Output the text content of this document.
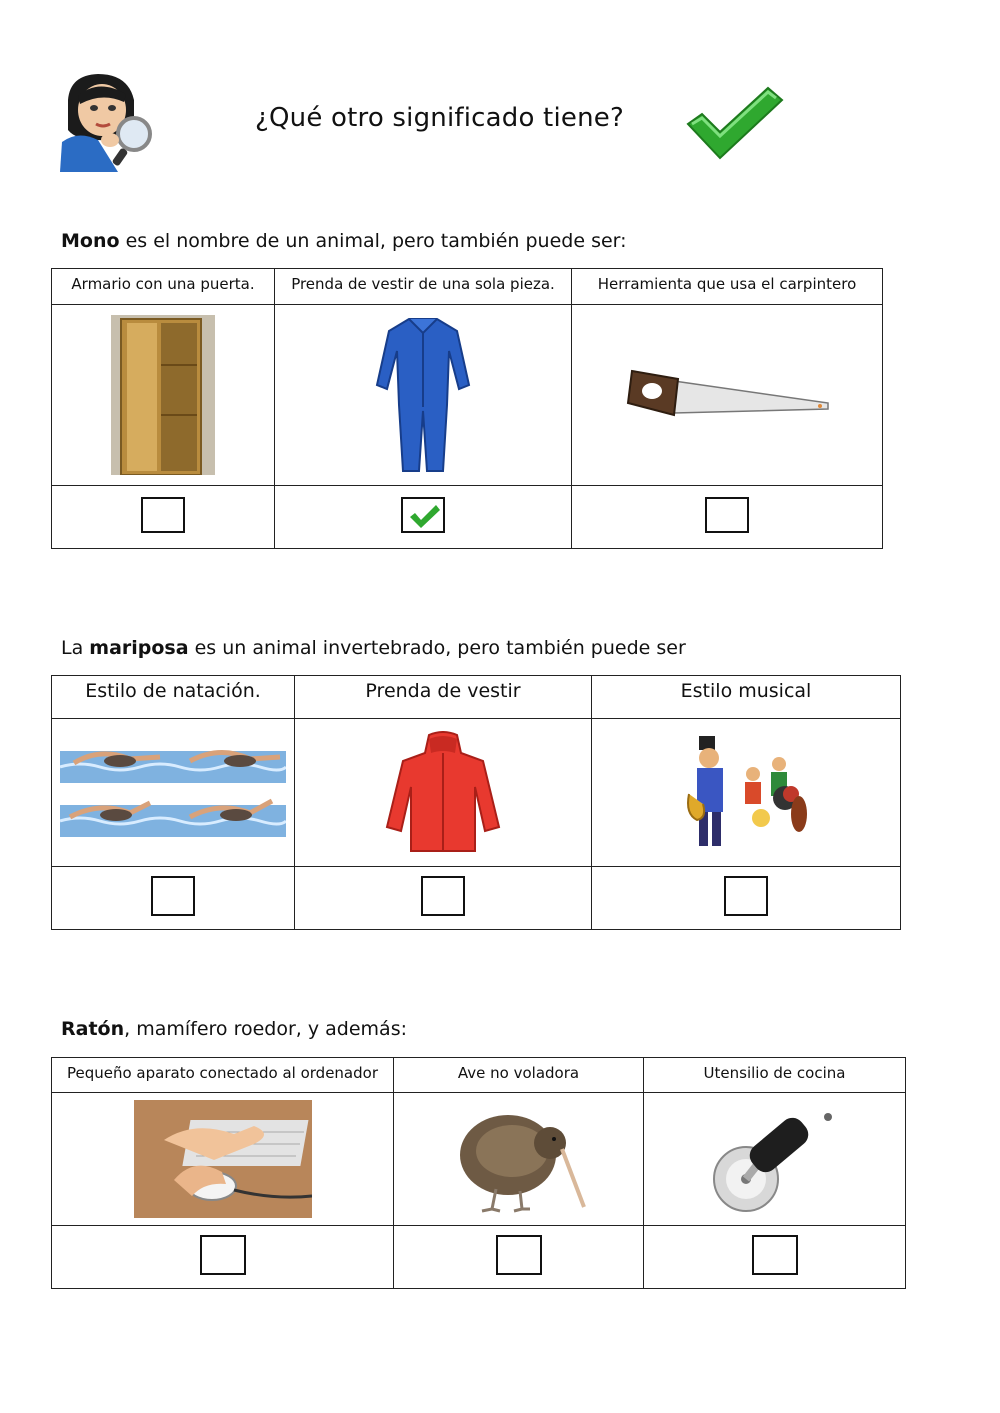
¿Qué otro significado tiene?
Mono es el nombre de un animal, pero también puede ser:
Armario con una puerta.	Prenda de vestir de una sola pieza.	Herramienta que usa el carpintero

La mariposa es un animal invertebrado, pero también puede ser
Estilo de natación.	Prenda de vestir	Estilo musical

Ratón, mamífero roedor, y además:
Pequeño aparato conectado al ordenador	Ave no voladora	Utensilio de cocina
